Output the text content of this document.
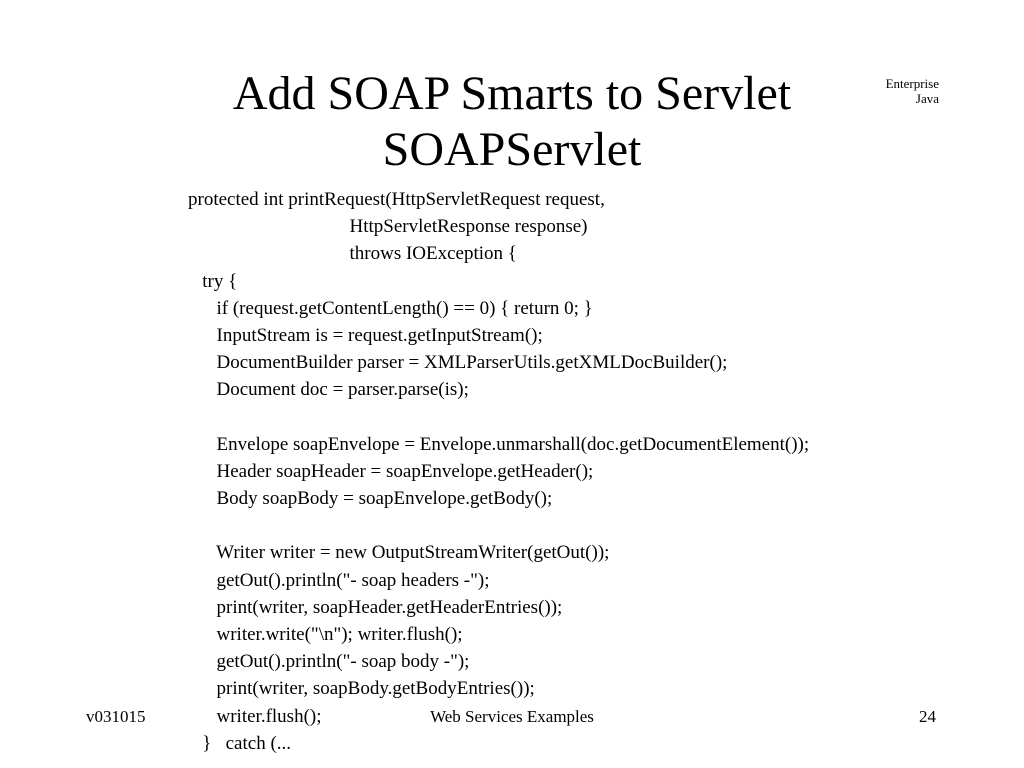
Add SOAP Smarts to Servlet
SOAPServlet
Enterprise
Java
protected int printRequest(HttpServletRequest request,
HttpServletResponse response)
throws IOException {
try {
if (request.getContentLength() == 0) { return 0; }
InputStream is = request.getInputStream();
DocumentBuilder parser = XMLParserUtils.getXMLDocBuilder();
Document doc = parser.parse(is);
Envelope soapEnvelope = Envelope.unmarshall(doc.getDocumentElement());
Header soapHeader = soapEnvelope.getHeader();
Body soapBody = soapEnvelope.getBody();
Writer writer = new OutputStreamWriter(getOut());
getOut().println("- soap headers -");
print(writer, soapHeader.getHeaderEntries());
writer.write("\n"); writer.flush();
getOut().println("- soap body -");
print(writer, soapBody.getBodyEntries());
writer.flush();
}   catch (...
v031015	Web Services Examples	24
